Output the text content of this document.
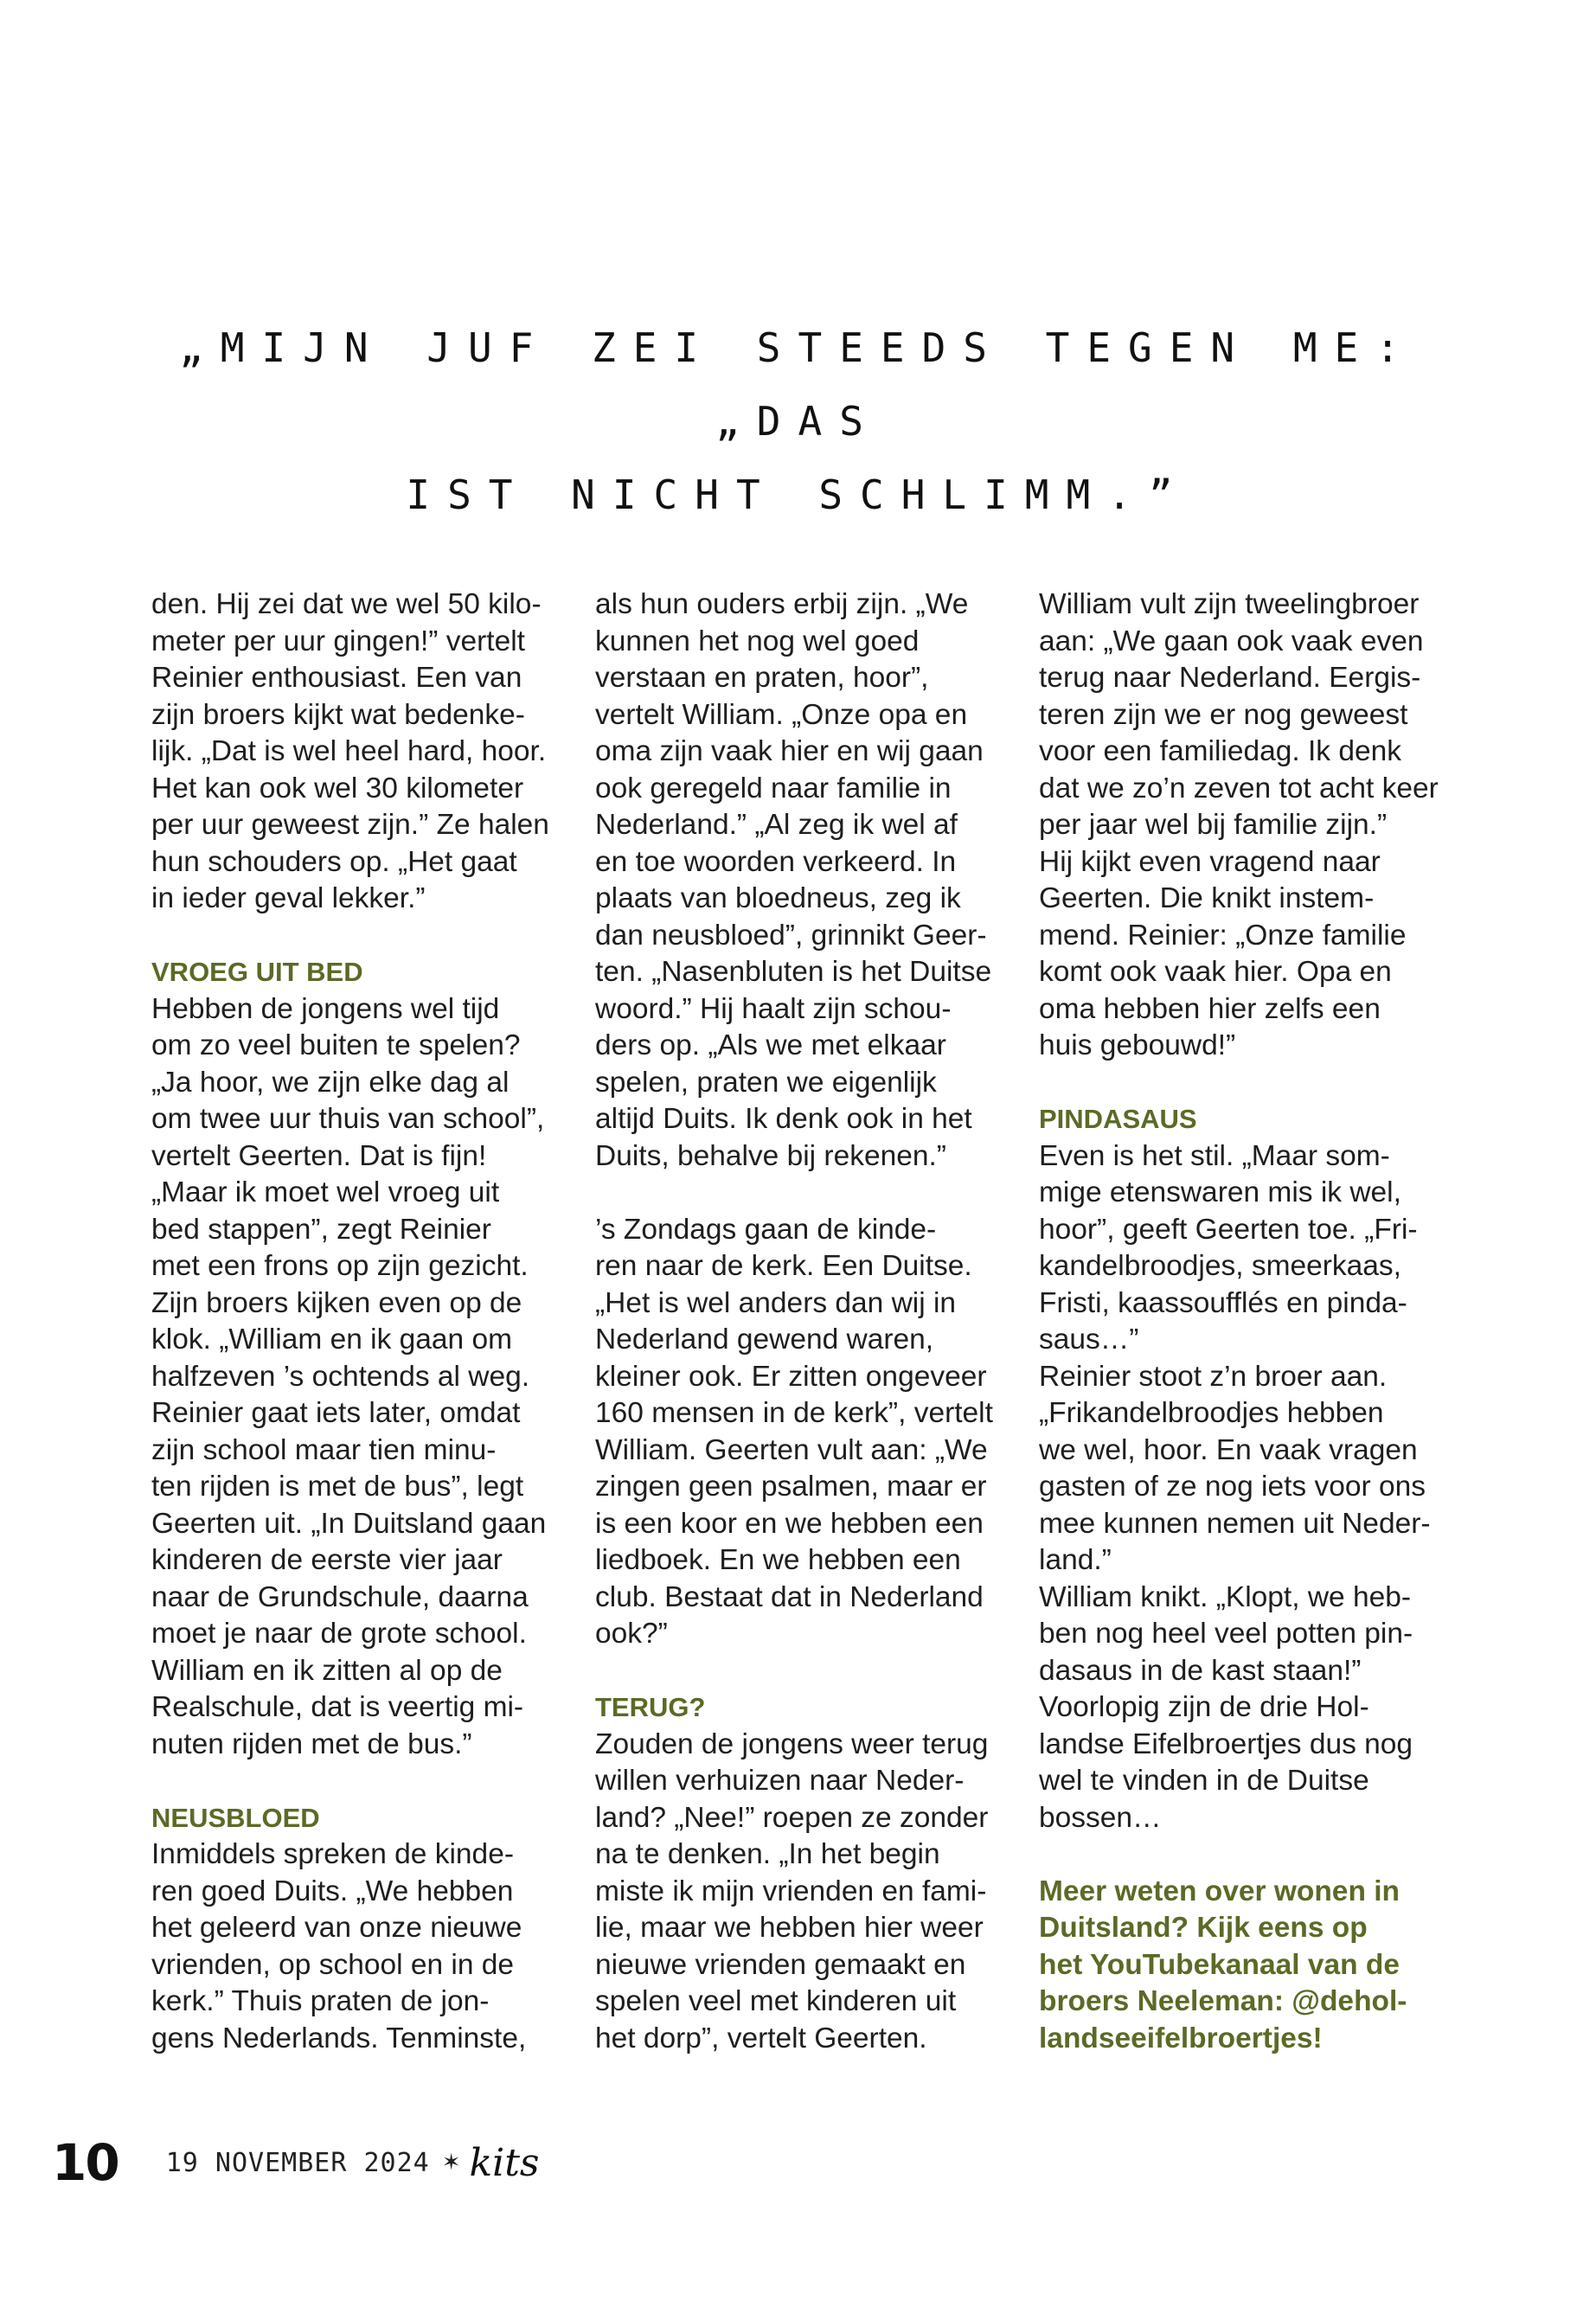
„MIJN JUF ZEI STEEDS TEGEN ME: „DAS
IST NICHT SCHLIMM.”

den. Hij zei dat we wel 50 kilo-
meter per uur gingen!” vertelt
Reinier enthousiast. Een van
zijn broers kijkt wat bedenke-
lijk. „Dat is wel heel hard, hoor.
Het kan ook wel 30 kilometer
per uur geweest zijn.” Ze halen
hun schouders op. „Het gaat
in ieder geval lekker.”

VROEG UIT BED

Hebben de jongens wel tijd
om zo veel buiten te spelen?
„Ja hoor, we zijn elke dag al
om twee uur thuis van school”,
vertelt Geerten. Dat is fijn!
„Maar ik moet wel vroeg uit
bed stappen”, zegt Reinier
met een frons op zijn gezicht.
Zijn broers kijken even op de
klok. „William en ik gaan om
halfzeven ’s ochtends al weg.
Reinier gaat iets later, omdat
zijn school maar tien minu-
ten rijden is met de bus”, legt
Geerten uit. „In Duitsland gaan
kinderen de eerste vier jaar
naar de Grundschule, daarna
moet je naar de grote school.
William en ik zitten al op de
Realschule, dat is veertig mi-
nuten rijden met de bus.”

NEUSBLOED

Inmiddels spreken de kinde-
ren goed Duits. „We hebben
het geleerd van onze nieuwe
vrienden, op school en in de
kerk.” Thuis praten de jon-
gens Nederlands. Tenminste,

als hun ouders erbij zijn. „We
kunnen het nog wel goed
verstaan en praten, hoor”,
vertelt William. „Onze opa en
oma zijn vaak hier en wij gaan
ook geregeld naar familie in
Nederland.” „Al zeg ik wel af
en toe woorden verkeerd. In
plaats van bloedneus, zeg ik
dan neusbloed”, grinnikt Geer-
ten. „Nasenbluten is het Duitse
woord.” Hij haalt zijn schou-
ders op. „Als we met elkaar
spelen, praten we eigenlijk
altijd Duits. Ik denk ook in het
Duits, behalve bij rekenen.”

’s Zondags gaan de kinde-
ren naar de kerk. Een Duitse.
„Het is wel anders dan wij in
Nederland gewend waren,
kleiner ook. Er zitten ongeveer
160 mensen in de kerk”, vertelt
William. Geerten vult aan: „We
zingen geen psalmen, maar er
is een koor en we hebben een
liedboek. En we hebben een
club. Bestaat dat in Nederland
ook?”

TERUG?

Zouden de jongens weer terug
willen verhuizen naar Neder-
land? „Nee!” roepen ze zonder
na te denken. „In het begin
miste ik mijn vrienden en fami-
lie, maar we hebben hier weer
nieuwe vrienden gemaakt en
spelen veel met kinderen uit
het dorp”, vertelt Geerten.

William vult zijn tweelingbroer
aan: „We gaan ook vaak even
terug naar Nederland. Eergis-
teren zijn we er nog geweest
voor een familiedag. Ik denk
dat we zo’n zeven tot acht keer
per jaar wel bij familie zijn.”
Hij kijkt even vragend naar
Geerten. Die knikt instem-
mend. Reinier: „Onze familie
komt ook vaak hier. Opa en
oma hebben hier zelfs een
huis gebouwd!”

PINDASAUS

Even is het stil. „Maar som-
mige etenswaren mis ik wel,
hoor”, geeft Geerten toe. „Fri-
kandelbroodjes, smeerkaas,
Fristi, kaassoufflés en pinda-
saus…”
Reinier stoot z’n broer aan.
„Frikandelbroodjes hebben
we wel, hoor. En vaak vragen
gasten of ze nog iets voor ons
mee kunnen nemen uit Neder-
land.”
William knikt. „Klopt, we heb-
ben nog heel veel potten pin-
dasaus in de kast staan!”
Voorlopig zijn de drie Hol-
landse Eifelbroertjes dus nog
wel te vinden in de Duitse
bossen…

Meer weten over wonen in
Duitsland? Kijk eens op
het YouTubekanaal van de
broers Neeleman: @dehol-
landseeifelbroertjes!

10 19 NOVEMBER 2024 ✶ kits
